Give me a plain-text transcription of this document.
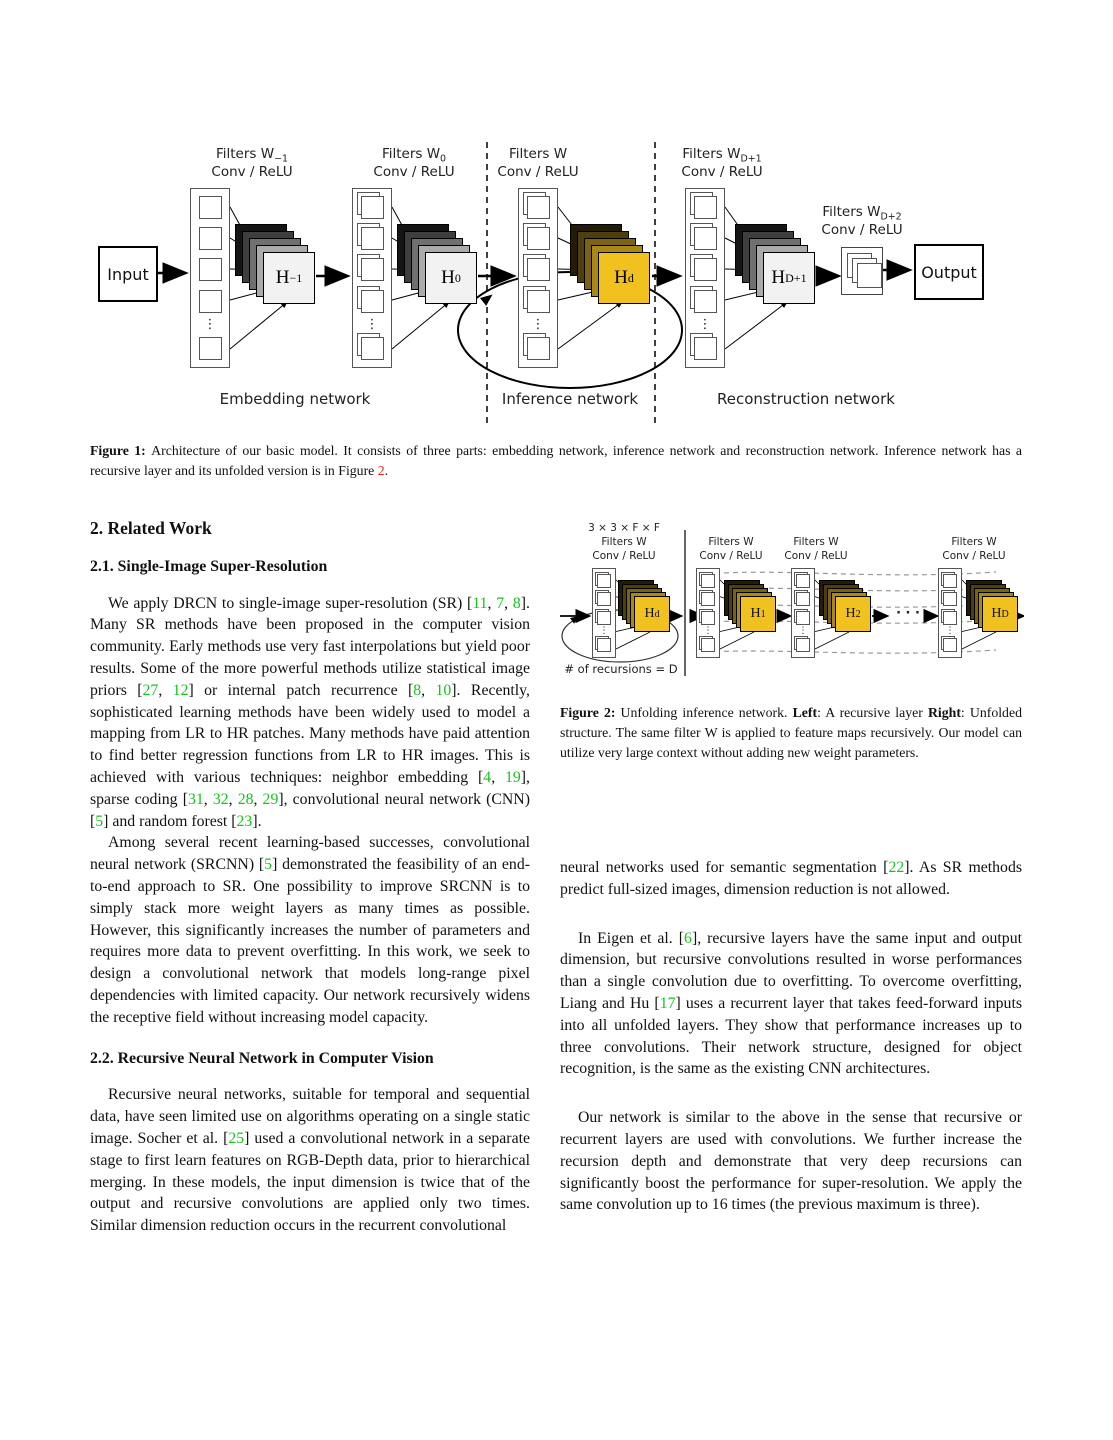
Filters $W_{-1}$
Conv / ReLU
Filters $W_0$
Conv / ReLU
Filters W
Conv / ReLU
Filters $W_{D+1}$
Conv / ReLU
Filters $W_{D+2}$
Conv / ReLU
Input	Output
⋮	⋮	⋮	⋮
H −1	H 0	H d	H D+1
Embedding network	Inference network	Reconstruction network
Figure 1: Architecture of our basic model. It consists of three parts: embedding network, inference network and reconstruction network. Inference network has a recursive layer and its unfolded version is in Figure 2.
2. Related Work
2.1. Single-Image Super-Resolution

We apply DRCN to single-image super-resolution (SR) [11, 7, 8]. Many SR methods have been proposed in the computer vision community. Early methods use very fast interpolations but yield poor results. Some of the more powerful methods utilize statistical image priors [27, 12] or internal patch recurrence [8, 10]. Recently, sophisticated learning methods have been widely used to model a mapping from LR to HR patches. Many methods have paid attention to find better regression functions from LR to HR images. This is achieved with various techniques: neighbor embedding [4, 19], sparse coding [31, 32, 28, 29], convolutional neural network (CNN) [5] and random forest [23].

Among several recent learning-based successes, convolutional neural network (SRCNN) [5] demonstrated the feasibility of an end-to-end approach to SR. One possibility to improve SRCNN is to simply stack more weight layers as many times as possible. However, this significantly increases the number of parameters and requires more data to prevent overfitting. In this work, we seek to design a convolutional network that models long-range pixel dependencies with limited capacity. Our network recursively widens the receptive field without increasing model capacity.

2.2. Recursive Neural Network in Computer Vision

Recursive neural networks, suitable for temporal and sequential data, have seen limited use on algorithms operating on a single static image. Socher et al. [25] used a convolutional network in a separate stage to first learn features on RGB-Depth data, prior to hierarchical merging. In these models, the input dimension is twice that of the output and recursive convolutions are applied only two times. Similar dimension reduction occurs in the recurrent convolutional

3 × 3 × F × F
Filters W
Conv / ReLU
# of recursions = D
Filters W
Conv / ReLU
Filters W
Conv / ReLU
Filters W
Conv / ReLU
· · ·
⋮	⋮	⋮	⋮
H d	H 1	H 2	H D
Figure 2: Unfolding inference network. Left: A recursive layer Right: Unfolded structure. The same filter W is applied to feature maps recursively. Our model can utilize very large context without adding new weight parameters.

neural networks used for semantic segmentation [22]. As SR methods predict full-sized images, dimension reduction is not allowed.

In Eigen et al. [6], recursive layers have the same input and output dimension, but recursive convolutions resulted in worse performances than a single convolution due to overfitting. To overcome overfitting, Liang and Hu [17] uses a recurrent layer that takes feed-forward inputs into all unfolded layers. They show that performance increases up to three convolutions. Their network structure, designed for object recognition, is the same as the existing CNN architectures.

Our network is similar to the above in the sense that recursive or recurrent layers are used with convolutions. We further increase the recursion depth and demonstrate that very deep recursions can significantly boost the performance for super-resolution. We apply the same convolution up to 16 times (the previous maximum is three).
